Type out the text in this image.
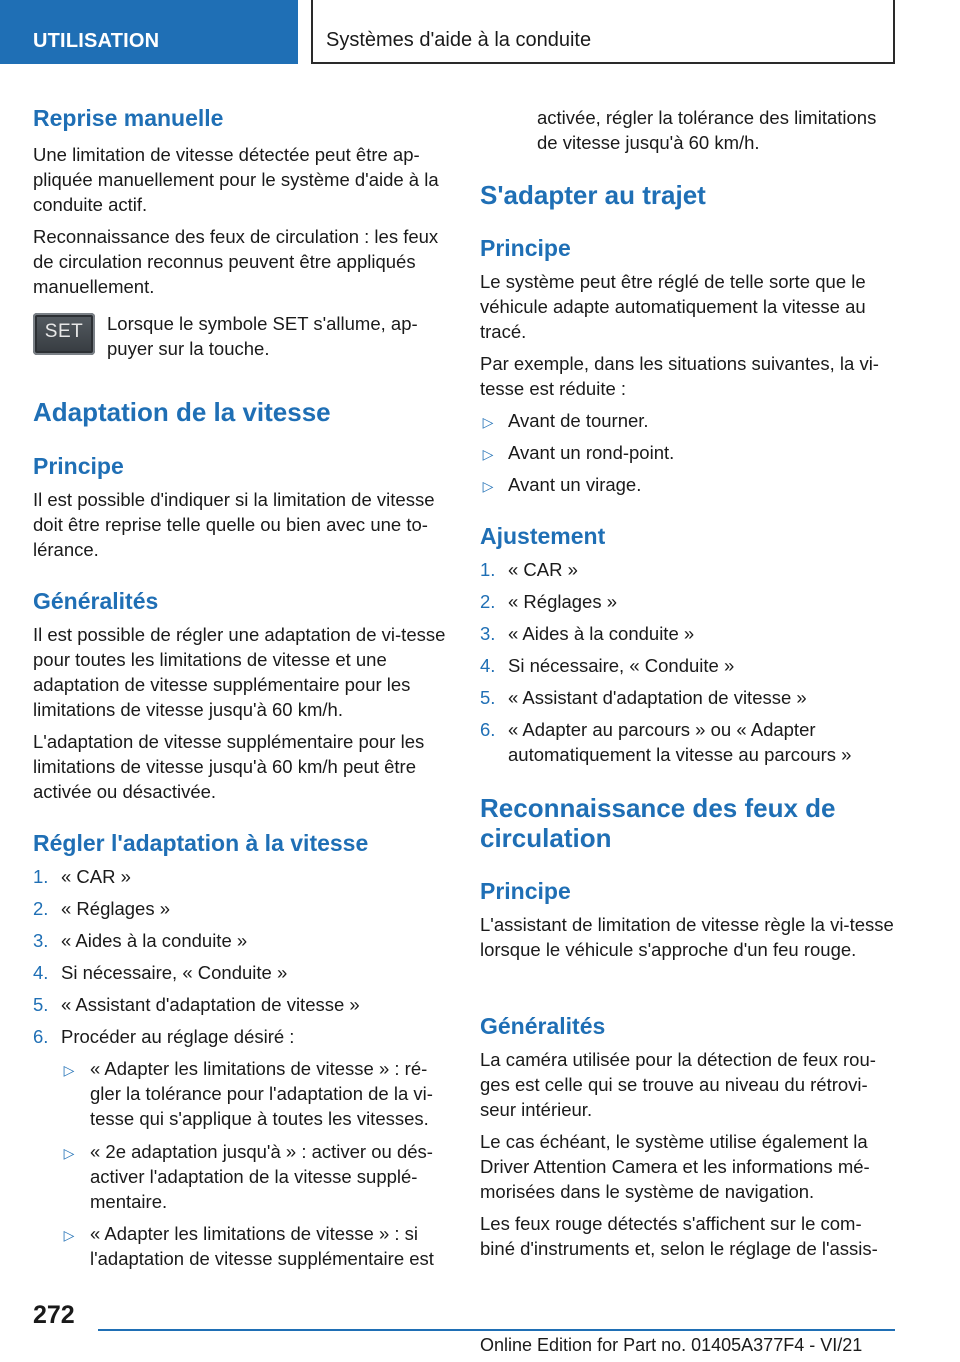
UTILISATION	Systèmes d'aide à la conduite
Reprise manuelle

Une limitation de vitesse détectée peut être ap‐pliquée manuellement pour le système d'aide à la conduite actif.

Reconnaissance des feux de circulation : les feux de circulation reconnus peuvent être appliqués manuellement.

SET	Lorsque le symbole SET s'allume, ap‐puyer sur la touche.

Adaptation de la vitesse
Principe

Il est possible d'indiquer si la limitation de vitesse doit être reprise telle quelle ou bien avec une to‐lérance.

Généralités

Il est possible de régler une adaptation de vi‐tesse pour toutes les limitations de vitesse et une adaptation de vitesse supplémentaire pour les limitations de vitesse jusqu'à 60 km/h.

L'adaptation de vitesse supplémentaire pour les limitations de vitesse jusqu'à 60 km/h peut être activée ou désactivée.

Régler l'adaptation à la vitesse
1. « CAR »
2. « Réglages »
3. « Aides à la conduite »
4. Si nécessaire, « Conduite »
5. « Assistant d'adaptation de vitesse »
6. Procéder au réglage désiré :
▷ « Adapter les limitations de vitesse » : ré‐gler la tolérance pour l'adaptation de la vi‐tesse qui s'applique à toutes les vitesses.
▷ « 2e adaptation jusqu'à » : activer ou dés‐activer l'adaptation de la vitesse supplé‐mentaire.
▷ « Adapter les limitations de vitesse » : si l'adaptation de vitesse supplémentaire est

activée, régler la tolérance des limitations de vitesse jusqu'à 60 km/h.

S'adapter au trajet
Principe

Le système peut être réglé de telle sorte que le véhicule adapte automatiquement la vitesse au tracé.

Par exemple, dans les situations suivantes, la vi‐tesse est réduite :

▷ Avant de tourner.
▷ Avant un rond-point.
▷ Avant un virage.
Ajustement
1. « CAR »
2. « Réglages »
3. « Aides à la conduite »
4. Si nécessaire, « Conduite »
5. « Assistant d'adaptation de vitesse »
6. « Adapter au parcours » ou « Adapter automatiquement la vitesse au parcours »
Reconnaissance des feux de circulation
Principe

L'assistant de limitation de vitesse règle la vi‐tesse lorsque le véhicule s'approche d'un feu rouge.

Généralités

La caméra utilisée pour la détection de feux rou‐ges est celle qui se trouve au niveau du rétrovi‐seur intérieur.

Le cas échéant, le système utilise également la Driver Attention Camera et les informations mé‐morisées dans le système de navigation.

Les feux rouge détectés s'affichent sur le com‐biné d'instruments et, selon le réglage de l'assis‐

272
Online Edition for Part no. 01405A377F4 - VI/21
